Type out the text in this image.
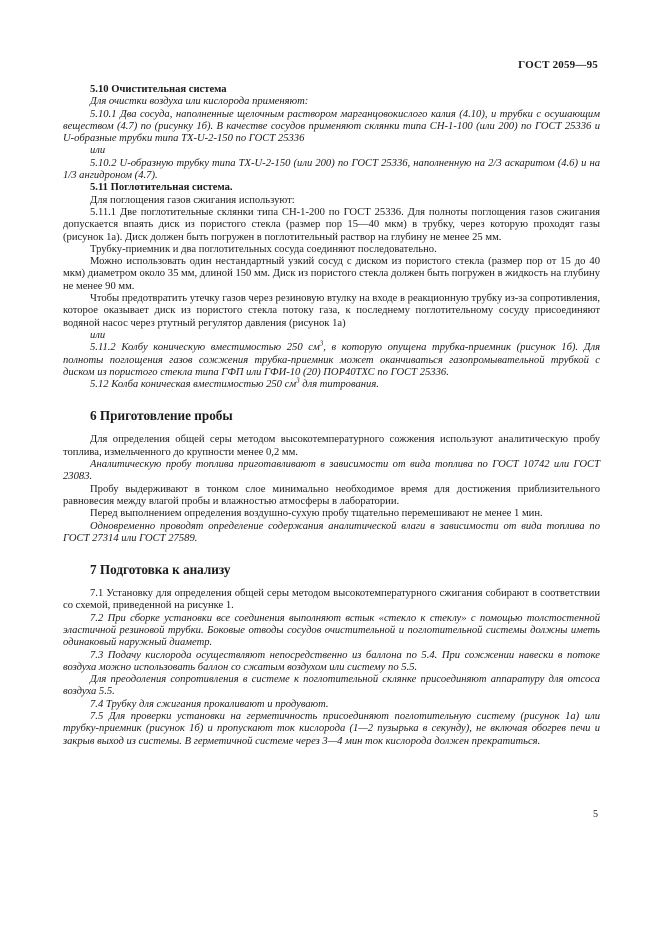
ГОСТ 2059—95
5.10 Очистительная система

Для очистки воздуха или кислорода применяют:

5.10.1 Два сосуда, наполненные щелочным раствором марганцовокислого калия (4.10), и трубки с осушающим веществом (4.7) по (рисунку 1б). В качестве сосудов применяют склянки типа СН-1-100 (или 200) по ГОСТ 25336 и U-образные трубки типа ТХ-U-2-150 по ГОСТ 25336

или

5.10.2 U-образную трубку типа ТХ-U-2-150 (или 200) по ГОСТ 25336, наполненную на 2/3 аскаритом (4.6) и на 1/3 ангидроном (4.7).

5.11 Поглотительная система.

Для поглощения газов сжигания используют:

5.11.1 Две поглотительные склянки типа СН-1-200 по ГОСТ 25336. Для полноты поглощения газов сжигания допускается впаять диск из пористого стекла (размер пор 15—40 мкм) в трубку, через которую проходят газы (рисунок 1а). Диск должен быть погружен в поглотительный раствор на глубину не менее 25 мм.

Трубку-приемник и два поглотительных сосуда соединяют последовательно.

Можно использовать один нестандартный узкий сосуд с диском из пористого стекла (размер пор от 15 до 40 мкм) диаметром около 35 мм, длиной 150 мм. Диск из пористого стекла должен быть погружен в жидкость на глубину не менее 90 мм.

Чтобы предотвратить утечку газов через резиновую втулку на входе в реакционную трубку из-за сопротивления, которое оказывает диск из пористого стекла потоку газа, к последнему поглотительному сосуду присоединяют водяной насос через ртутный регулятор давления (рисунок 1а)

или

5.11.2 Колбу коническую вместимостью 250 $см^3$, в которую опущена трубка-приемник (рисунок 1б). Для полноты поглощения газов сожжения трубка-приемник может оканчиваться газопромывательной трубкой с диском из пористого стекла типа ГФП или ГФИ-10 (20) ПОР40ТХС по ГОСТ 25336.

5.12 Колба коническая вместимостью 250 $см^3$ для титрования.

6 Приготовление пробы

Для определения общей серы методом высокотемпературного сожжения используют аналитическую пробу топлива, измельченного до крупности менее 0,2 мм.

Аналитическую пробу топлива приготавливают в зависимости от вида топлива по ГОСТ 10742 или ГОСТ 23083.

Пробу выдерживают в тонком слое минимально необходимое время для достижения приблизительного равновесия между влагой пробы и влажностью атмосферы в лаборатории.

Перед выполнением определения воздушно-сухую пробу тщательно перемешивают не менее 1 мин.

Одновременно проводят определение содержания аналитической влаги в зависимости от вида топлива по ГОСТ 27314 или ГОСТ 27589.

7 Подготовка к анализу

7.1 Установку для определения общей серы методом высокотемпературного сжигания собирают в соответствии со схемой, приведенной на рисунке 1.

7.2 При сборке установки все соединения выполняют встык «стекло к стеклу» с помощью толстостенной эластичной резиновой трубки. Боковые отводы сосудов очистительной и поглотительной системы должны иметь одинаковый наружный диаметр.

7.3 Подачу кислорода осуществляют непосредственно из баллона по 5.4. При сожжении навески в потоке воздуха можно использовать баллон со сжатым воздухом или систему по 5.5.

Для преодоления сопротивления в системе к поглотительной склянке присоединяют аппаратуру для отсоса воздуха 5.5.

7.4 Трубку для сжигания прокаливают и продувают.

7.5 Для проверки установки на герметичность присоединяют поглотительную систему (рисунок 1а) или трубку-приемник (рисунок 1б) и пропускают ток кислорода (1—2 пузырька в секунду), не включая обогрев печи и закрыв выход из системы. В герметичной системе через 3—4 мин ток кислорода должен прекратиться.

5
